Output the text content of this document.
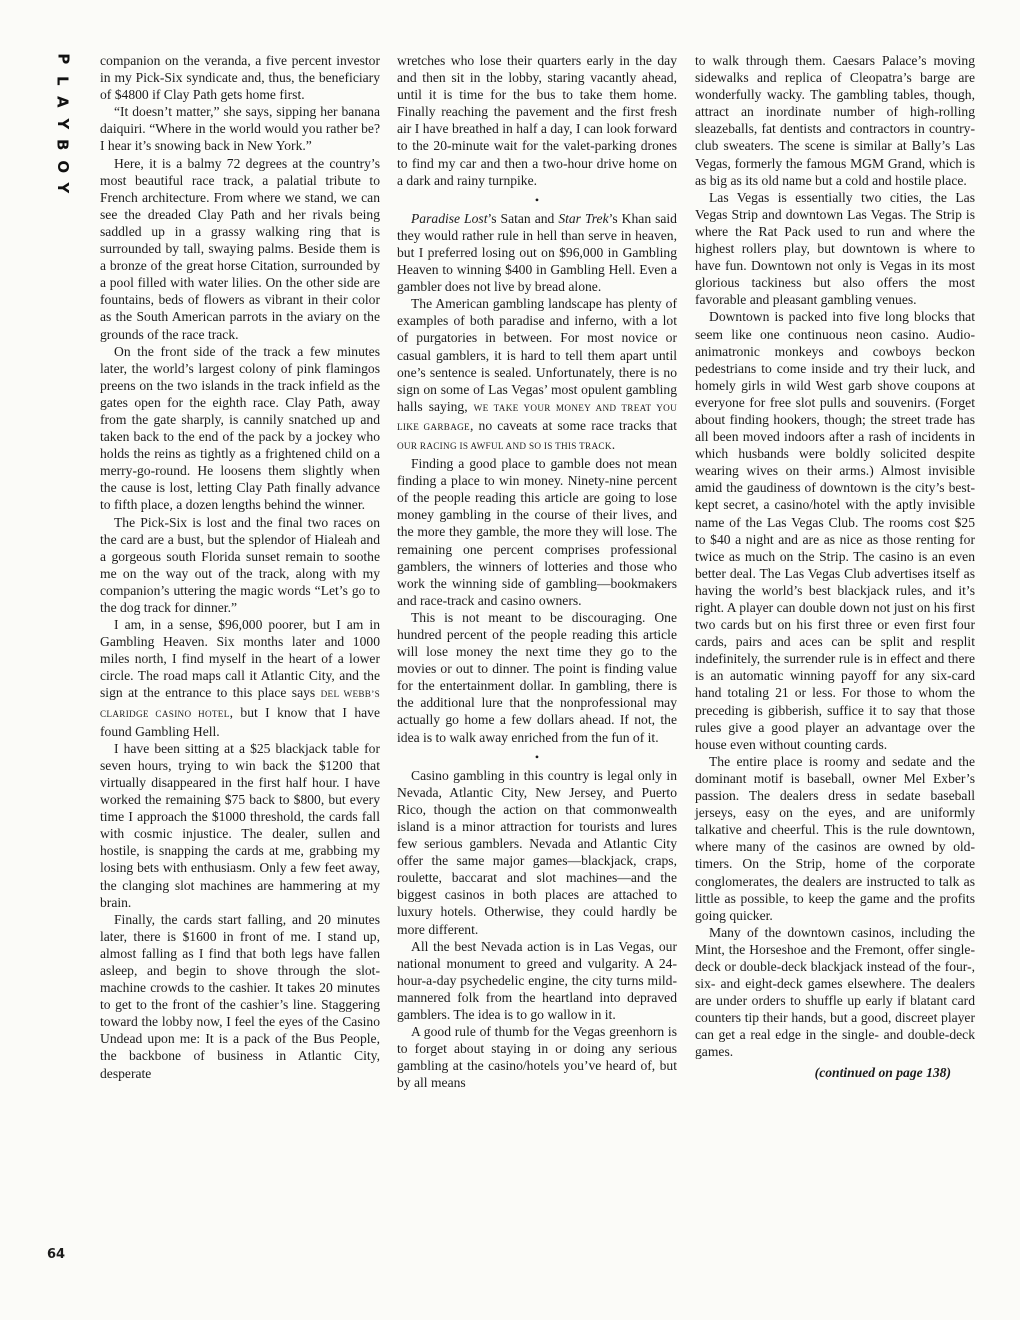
P
L
A
Y
B
O
Y
64

companion on the veranda, a five percent investor in my Pick-Six syndicate and, thus, the beneficiary of $4800 if Clay Path gets home first.

“It doesn’t matter,” she says, sipping her banana daiquiri. “Where in the world would you rather be? I hear it’s snowing back in New York.”

Here, it is a balmy 72 degrees at the country’s most beautiful race track, a palatial tribute to French architecture. From where we stand, we can see the dreaded Clay Path and her rivals being saddled up in a grassy walking ring that is surrounded by tall, swaying palms. Beside them is a bronze of the great horse Citation, surrounded by a pool filled with water lilies. On the other side are fountains, beds of flowers as vibrant in their color as the South American parrots in the aviary on the grounds of the race track.

On the front side of the track a few minutes later, the world’s largest colony of pink flamingos preens on the two islands in the track infield as the gates open for the eighth race. Clay Path, away from the gate sharply, is cannily snatched up and taken back to the end of the pack by a jockey who holds the reins as tightly as a frightened child on a merry-go-round. He loosens them slightly when the cause is lost, letting Clay Path finally advance to fifth place, a dozen lengths behind the winner.

The Pick-Six is lost and the final two races on the card are a bust, but the splendor of Hialeah and a gorgeous south Florida sunset remain to soothe me on the way out of the track, along with my companion’s uttering the magic words “Let’s go to the dog track for dinner.”

I am, in a sense, $96,000 poorer, but I am in Gambling Heaven. Six months later and 1000 miles north, I find myself in the heart of a lower circle. The road maps call it Atlantic City, and the sign at the entrance to this place says DEL WEBB’S CLARIDGE CASINO HOTEL, but I know that I have found Gambling Hell.

I have been sitting at a $25 blackjack table for seven hours, trying to win back the $1200 that virtually disappeared in the first half hour. I have worked the remaining $75 back to $800, but every time I approach the $1000 threshold, the cards fall with cosmic injustice. The dealer, sullen and hostile, is snapping the cards at me, grabbing my losing bets with enthusiasm. Only a few feet away, the clanging slot machines are hammering at my brain.

Finally, the cards start falling, and 20 minutes later, there is $1600 in front of me. I stand up, almost falling as I find that both legs have fallen asleep, and begin to shove through the slot-machine crowds to the cashier. It takes 20 minutes to get to the front of the cashier’s line. Staggering toward the lobby now, I feel the eyes of the Casino Undead upon me: It is a pack of the Bus People, the backbone of business in Atlantic City, desperate

wretches who lose their quarters early in the day and then sit in the lobby, staring vacantly ahead, until it is time for the bus to take them home. Finally reaching the pavement and the first fresh air I have breathed in half a day, I can look forward to the 20-minute wait for the valet-parking drones to find my car and then a two-hour drive home on a dark and rainy turnpike.

•

Paradise Lost’s Satan and Star Trek’s Khan said they would rather rule in hell than serve in heaven, but I preferred losing out on $96,000 in Gambling Heaven to winning $400 in Gambling Hell. Even a gambler does not live by bread alone.

The American gambling landscape has plenty of examples of both paradise and inferno, with a lot of purgatories in between. For most novice or casual gamblers, it is hard to tell them apart until one’s sentence is sealed. Unfortunately, there is no sign on some of Las Vegas’ most opulent gambling halls saying, WE TAKE YOUR MONEY AND TREAT YOU LIKE GARBAGE, no caveats at some race tracks that OUR RACING IS AWFUL AND SO IS THIS TRACK.

Finding a good place to gamble does not mean finding a place to win money. Ninety-nine percent of the people reading this article are going to lose money gambling in the course of their lives, and the more they gamble, the more they will lose. The remaining one percent comprises professional gamblers, the winners of lotteries and those who work the winning side of gambling—bookmakers and race-track and casino owners.

This is not meant to be discouraging. One hundred percent of the people reading this article will lose money the next time they go to the movies or out to dinner. The point is finding value for the entertainment dollar. In gambling, there is the additional lure that the nonprofessional may actually go home a few dollars ahead. If not, the idea is to walk away enriched from the fun of it.

•

Casino gambling in this country is legal only in Nevada, Atlantic City, New Jersey, and Puerto Rico, though the action on that commonwealth island is a minor attraction for tourists and lures few serious gamblers. Nevada and Atlantic City offer the same major games—blackjack, craps, roulette, baccarat and slot machines—and the biggest casinos in both places are attached to luxury hotels. Otherwise, they could hardly be more different.

All the best Nevada action is in Las Vegas, our national monument to greed and vulgarity. A 24-hour-a-day psychedelic engine, the city turns mild-mannered folk from the heartland into depraved gamblers. The idea is to go wallow in it.

A good rule of thumb for the Vegas greenhorn is to forget about staying in or doing any serious gambling at the casino/hotels you’ve heard of, but by all means

to walk through them. Caesars Palace’s moving sidewalks and replica of Cleopatra’s barge are wonderfully wacky. The gambling tables, though, attract an inordinate number of high-rolling sleazeballs, fat dentists and contractors in country-club sweaters. The scene is similar at Bally’s Las Vegas, formerly the famous MGM Grand, which is as big as its old name but a cold and hostile place.

Las Vegas is essentially two cities, the Las Vegas Strip and downtown Las Vegas. The Strip is where the Rat Pack used to run and where the highest rollers play, but downtown is where to have fun. Downtown not only is Vegas in its most glorious tackiness but also offers the most favorable and pleasant gambling venues.

Downtown is packed into five long blocks that seem like one continuous neon casino. Audio-animatronic monkeys and cowboys beckon pedestrians to come inside and try their luck, and homely girls in wild West garb shove coupons at everyone for free slot pulls and souvenirs. (Forget about finding hookers, though; the street trade has all been moved indoors after a rash of incidents in which husbands were boldly solicited despite wearing wives on their arms.) Almost invisible amid the gaudiness of downtown is the city’s best-kept secret, a casino/hotel with the aptly invisible name of the Las Vegas Club. The rooms cost $25 to $40 a night and are as nice as those renting for twice as much on the Strip. The casino is an even better deal. The Las Vegas Club advertises itself as having the world’s best blackjack rules, and it’s right. A player can double down not just on his first two cards but on his first three or even first four cards, pairs and aces can be split and resplit indefinitely, the surrender rule is in effect and there is an automatic winning payoff for any six-card hand totaling 21 or less. For those to whom the preceding is gibberish, suffice it to say that those rules give a good player an advantage over the house even without counting cards.

The entire place is roomy and sedate and the dominant motif is baseball, owner Mel Exber’s passion. The dealers dress in sedate baseball jerseys, easy on the eyes, and are uniformly talkative and cheerful. This is the rule downtown, where many of the casinos are owned by old-timers. On the Strip, home of the corporate conglomerates, the dealers are instructed to talk as little as possible, to keep the game and the profits going quicker.

Many of the downtown casinos, including the Mint, the Horseshoe and the Fremont, offer single-deck or double-deck blackjack instead of the four-, six- and eight-deck games elsewhere. The dealers are under orders to shuffle up early if blatant card counters tip their hands, but a good, discreet player can get a real edge in the single- and double-deck games.

(continued on page 138)
